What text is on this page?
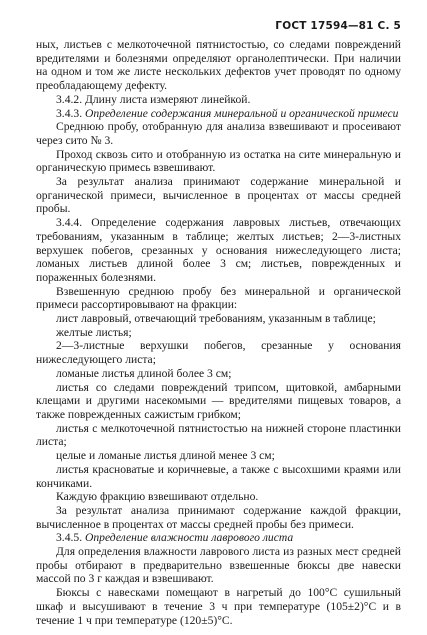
ГОСТ 17594—81 С. 5

ных, листьев с мелкоточечной пятнистостью, со следами повреждений вредителями и болезнями определяют органолептически. При наличии на одном и том же листе нескольких дефектов учет проводят по одному преобладающему дефекту.

3.4.2. Длину листа измеряют линейкой.

3.4.3. Определение содержания минеральной и органической примеси

Среднюю пробу, отобранную для анализа взвешивают и просеивают через сито № 3.

Проход сквозь сито и отобранную из остатка на сите минеральную и органическую примесь взвешивают.

За результат анализа принимают содержание минеральной и органической примеси, вычисленное в процентах от массы средней пробы.

3.4.4. Определение содержания лавровых листьев, отвечающих требованиям, указанным в таблице; желтых листьев; 2—3-листных верхушек побегов, срезанных у основания нижеследующего листа; ломаных листьев длиной более 3 см; листьев, поврежденных и пораженных болезнями.

Взвешенную среднюю пробу без минеральной и органической примеси рассортировывают на фракции:

лист лавровый, отвечающий требованиям, указанным в таблице;

желтые листья;

2—3-листные верхушки побегов, срезанные у основания нижеследующего листа;

ломаные листья длиной более 3 см;

листья со следами повреждений трипсом, щитовкой, амбарными клещами и другими насекомыми — вредителями пищевых товаров, а также поврежденных сажистым грибком;

листья с мелкоточечной пятнистостью на нижней стороне пластинки листа;

целые и ломаные листья длиной менее 3 см;

листья красноватые и коричневые, а также с высохшими краями или кончиками.

Каждую фракцию взвешивают отдельно.

За результат анализа принимают содержание каждой фракции, вычисленное в процентах от массы средней пробы без примеси.

3.4.5. Определение влажности лаврового листа

Для определения влажности лаврового листа из разных мест средней пробы отбирают в предварительно взвешенные бюксы две навески массой по 3 г каждая и взвешивают.

Бюксы с навесками помещают в нагретый до 100°С сушильный шкаф и высушивают в течение 3 ч при температуре (105±2)°С и в течение 1 ч при температуре (120±5)°С.
